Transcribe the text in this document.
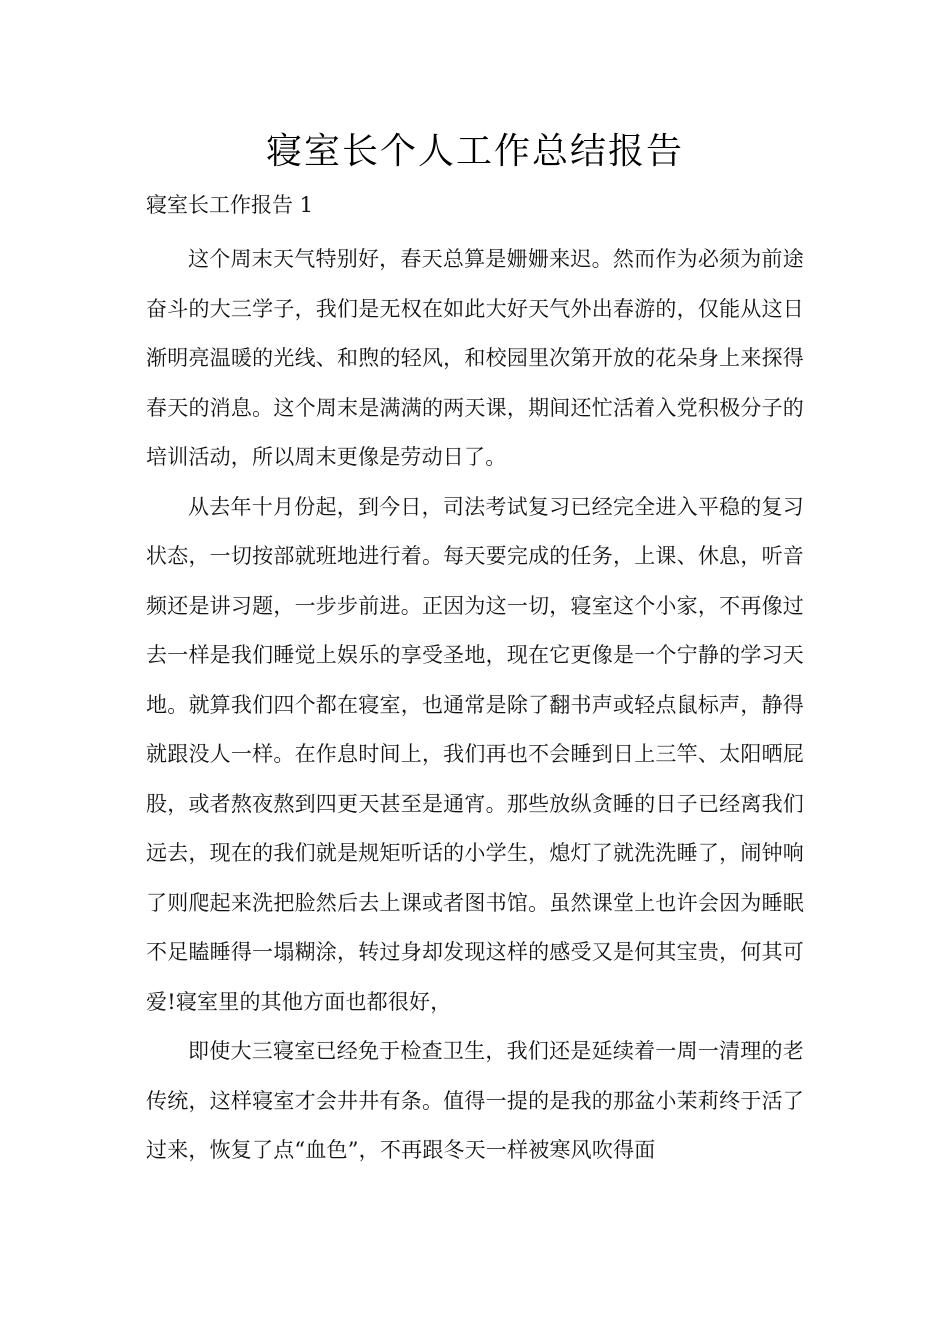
寝室长个人工作总结报告
寝室长工作报告 1

这个周末天气特别好，春天总算是姗姗来迟。然而作为必须为前途奋斗的大三学子，我们是无权在如此大好天气外出春游的，仅能从这日渐明亮温暖的光线、和煦的轻风，和校园里次第开放的花朵身上来探得春天的消息。这个周末是满满的两天课，期间还忙活着入党积极分子的培训活动，所以周末更像是劳动日了。

从去年十月份起，到今日，司法考试复习已经完全进入平稳的复习状态，一切按部就班地进行着。每天要完成的任务，上课、休息，听音频还是讲习题，一步步前进。正因为这一切，寝室这个小家，不再像过去一样是我们睡觉上娱乐的享受圣地，现在它更像是一个宁静的学习天地。就算我们四个都在寝室，也通常是除了翻书声或轻点鼠标声，静得就跟没人一样。在作息时间上，我们再也不会睡到日上三竿、太阳晒屁股，或者熬夜熬到四更天甚至是通宵。那些放纵贪睡的日子已经离我们远去，现在的我们就是规矩听话的小学生，熄灯了就洗洗睡了，闹钟响了则爬起来洗把脸然后去上课或者图书馆。虽然课堂上也许会因为睡眠不足瞌睡得一塌糊涂，转过身却发现这样的感受又是何其宝贵，何其可爱!寝室里的其他方面也都很好，

即使大三寝室已经免于检查卫生，我们还是延续着一周一清理的老传统，这样寝室才会井井有条。值得一提的是我的那盆小茉莉终于活了过来，恢复了点“血色”，不再跟冬天一样被寒风吹得面
